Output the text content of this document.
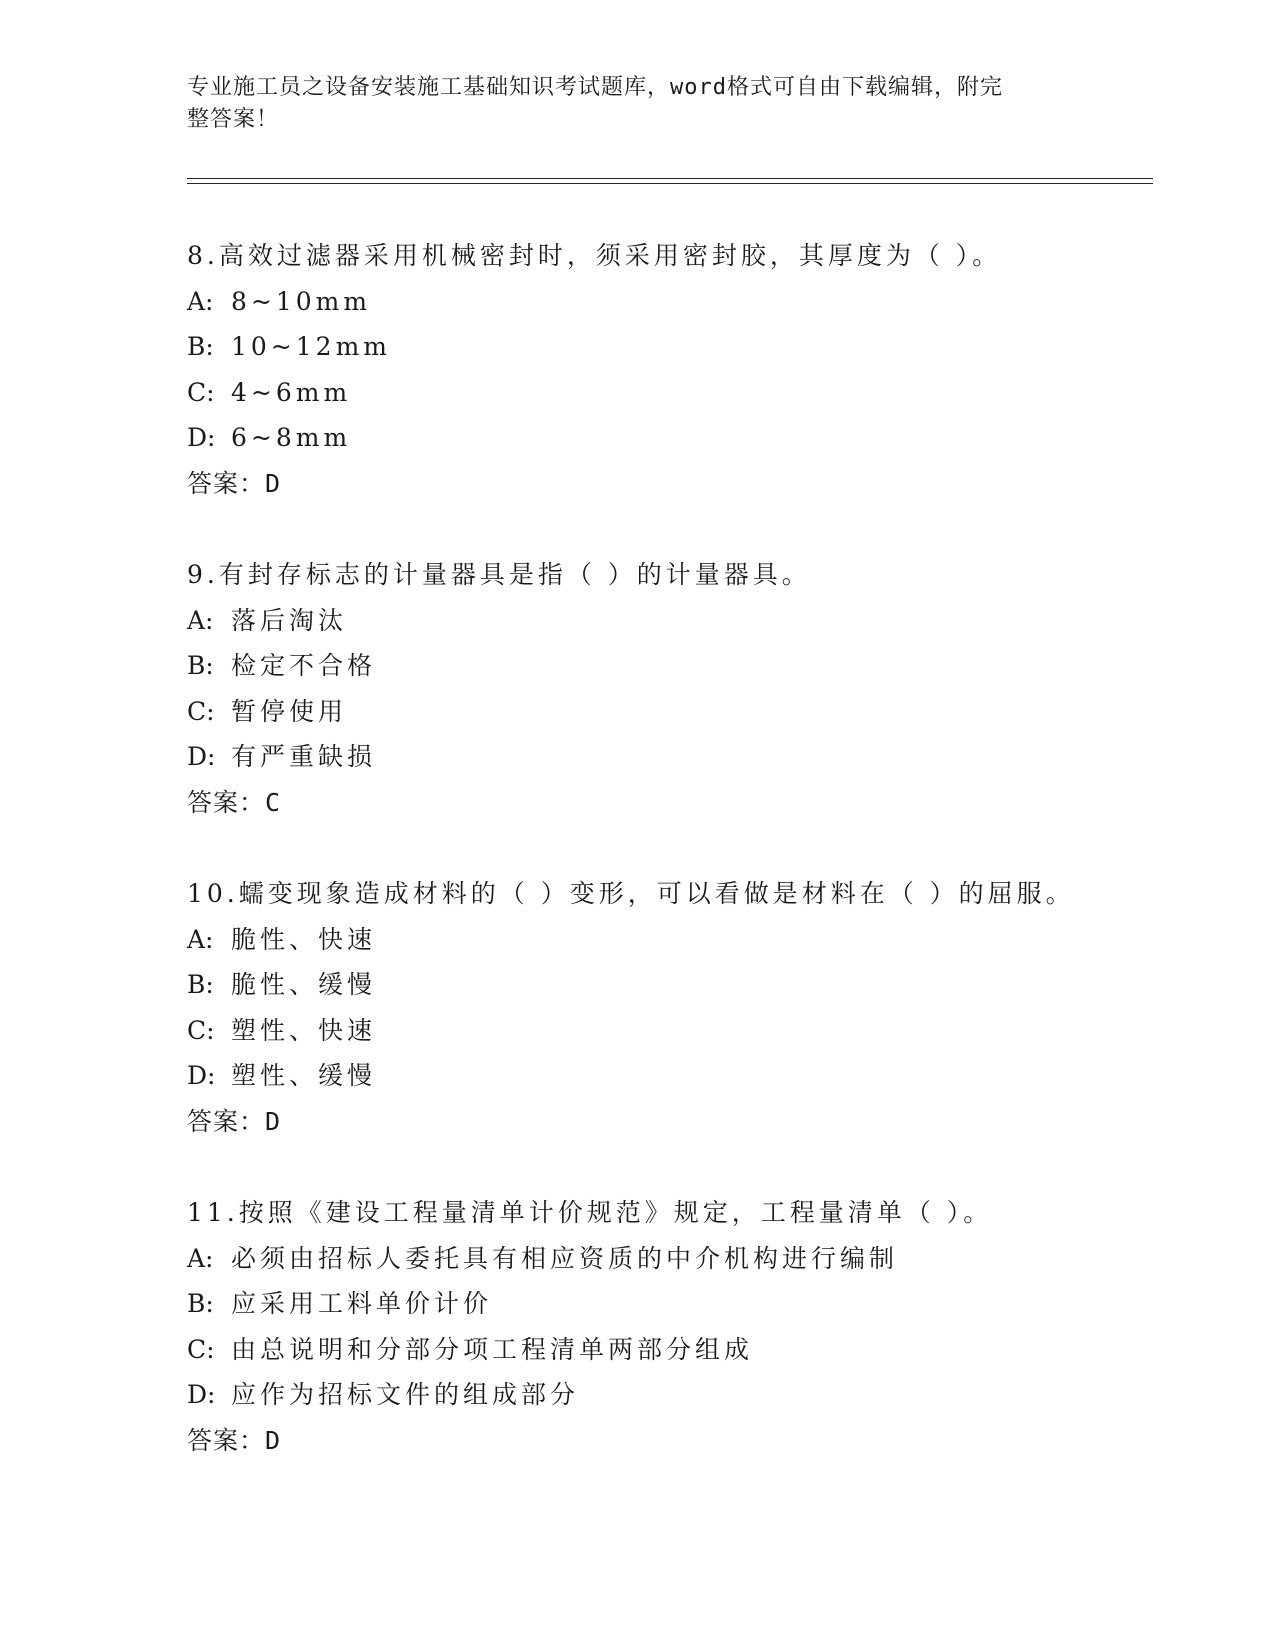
专业施工员之设备安装施工基础知识考试题库，word格式可自由下载编辑，附完
整答案！
8.高效过滤器采用机械密封时，须采用密封胶，其厚度为（ ）。
A: 8~10mm
B: 10~12mm
C: 4~6mm
D: 6~8mm
答案：D
9.有封存标志的计量器具是指（ ）的计量器具。
A: 落后淘汰
B: 检定不合格
C: 暂停使用
D: 有严重缺损
答案：C
10.蠕变现象造成材料的（ ）变形，可以看做是材料在（ ）的屈服。
A: 脆性、快速
B: 脆性、缓慢
C: 塑性、快速
D: 塑性、缓慢
答案：D
11.按照《建设工程量清单计价规范》规定，工程量清单（ ）。
A: 必须由招标人委托具有相应资质的中介机构进行编制
B: 应采用工料单价计价
C: 由总说明和分部分项工程清单两部分组成
D: 应作为招标文件的组成部分
答案：D
